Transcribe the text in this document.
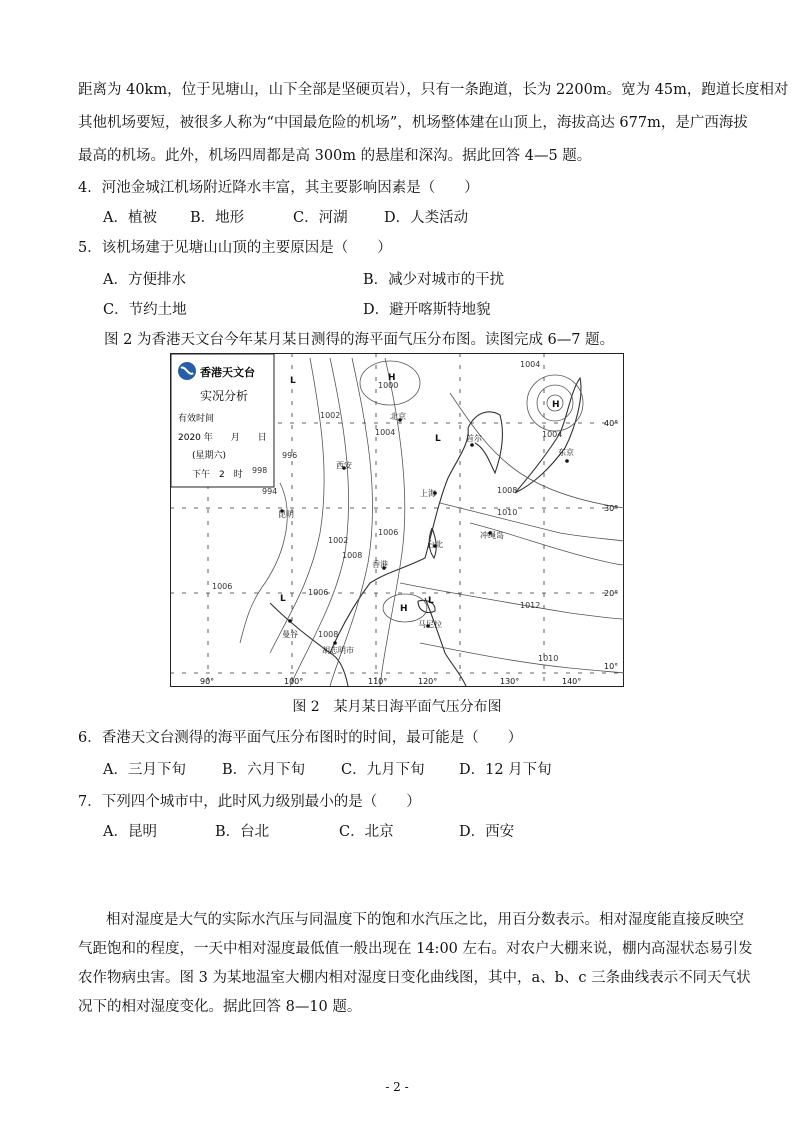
距离为 40km，位于见塘山，山下全部是坚硬页岩），只有一条跑道，长为 2200m。宽为 45m，跑道长度相对
其他机场要短，被很多人称为“中国最危险的机场”，机场整体建在山顶上，海拔高达 677m，是广西海拔
最高的机场。此外，机场四周都是高 300m 的悬崖和深沟。据此回答 4—5 题。
4．河池金城江机场附近降水丰富，其主要影响因素是（　　）
A．植被 B．地形	C．河湖	D．人类活动
5．该机场建于见塘山山顶的主要原因是（　　）
A．方便排水	B．减少对城市的干扰
C．节约土地	D．避开喀斯特地貌
图 2 为香港天文台今年某月某日测得的海平面气压分布图。读图完成 6—7 题。
香港天文台
实况分析
有效时间
2020 年　　月　　日
(星期六)
下午　2　时
北京
首尔
东京
西安
上海
台北
冲绳岛
昆明
香港
曼谷
马尼拉
胡志明市
1000
1004
1002
1004	1004
1008
1010
1006
1002
1006
1006
1008
1008
1012
1010
998
994
996
H
H
H
L
L
L	L
90°	100°	110°	120°	130°	140°
40°
30°
20°
10°
图 2　某月某日海平面气压分布图
6．香港天文台测得的海平面气压分布图时的时间，最可能是（　　）
A．三月下旬 B．六月下旬 C．九月下旬 D．12 月下旬
7．下列四个城市中，此时风力级别最小的是（　　）
A．昆明	B．台北	C．北京	D．西安
相对湿度是大气的实际水汽压与同温度下的饱和水汽压之比，用百分数表示。相对湿度能直接反映空
气距饱和的程度，一天中相对湿度最低值一般出现在 14:00 左右。对农户大棚来说，棚内高湿状态易引发
农作物病虫害。图 3 为某地温室大棚内相对湿度日变化曲线图，其中，a、b、c 三条曲线表示不同天气状
况下的相对湿度变化。据此回答 8—10 题。
- 2 -
